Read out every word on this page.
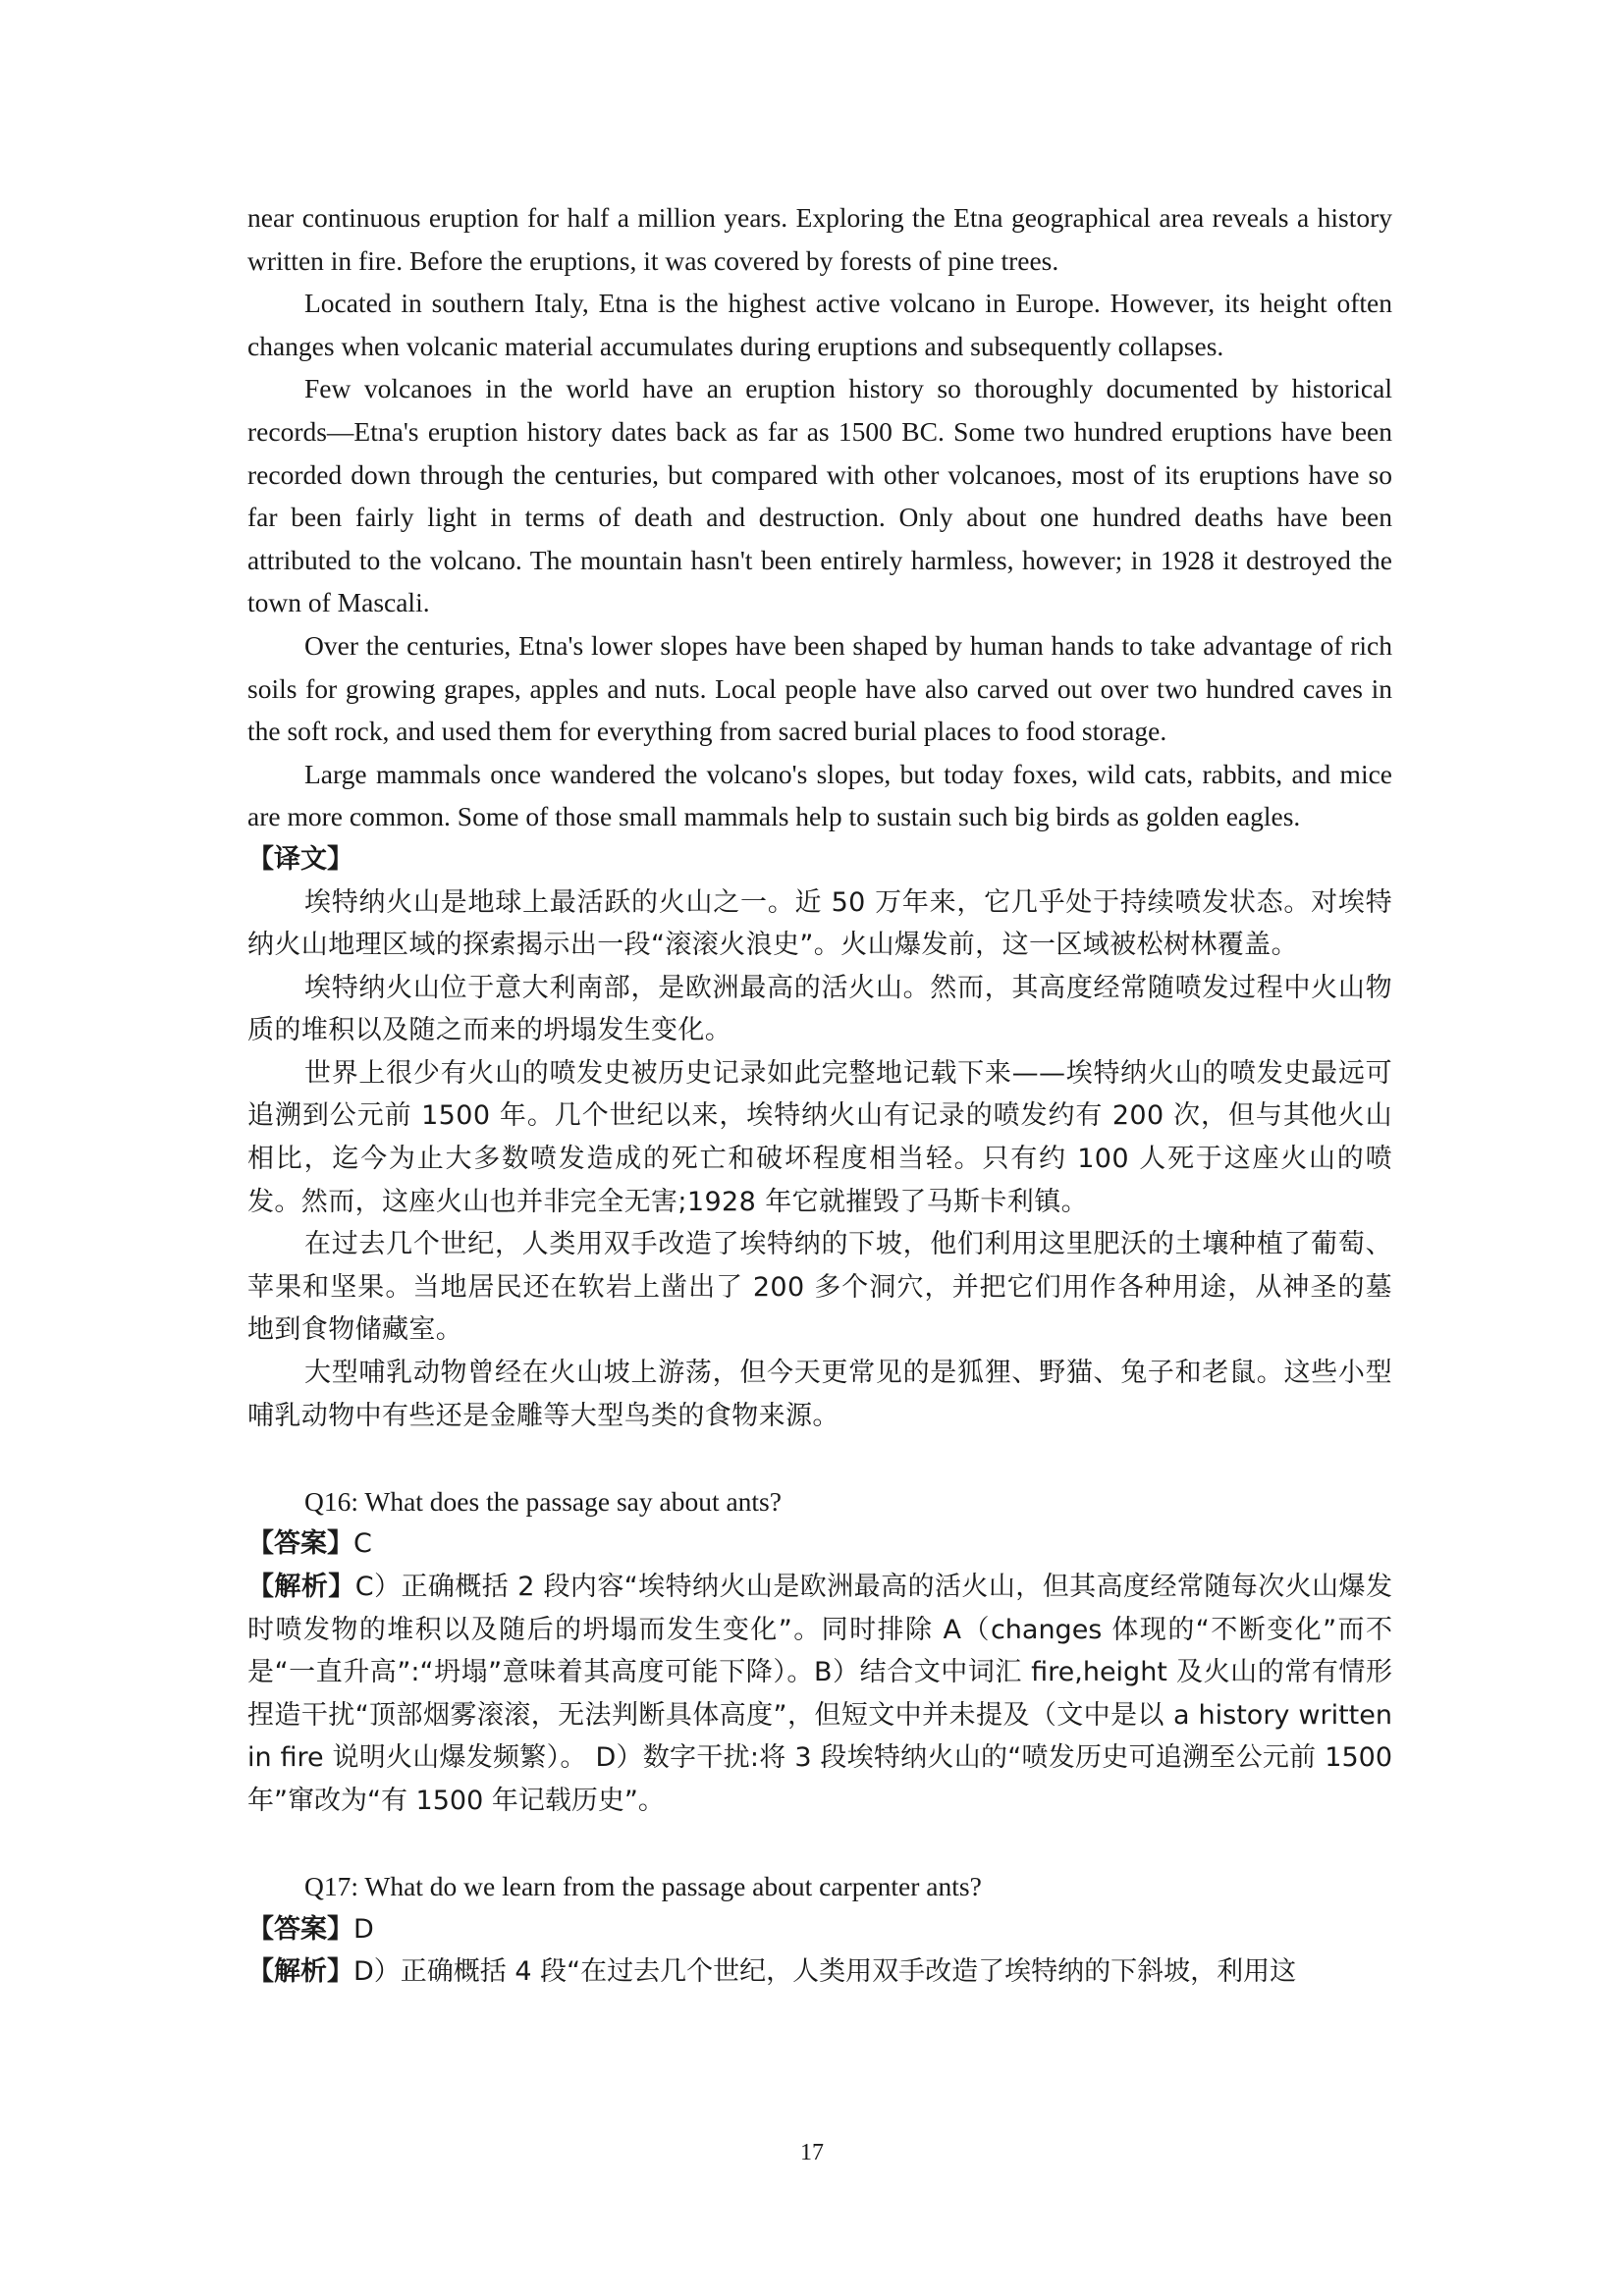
near continuous eruption for half a million years. Exploring the Etna geographical area reveals a history written in fire. Before the eruptions, it was covered by forests of pine trees.

Located in southern Italy, Etna is the highest active volcano in Europe. However, its height often changes when volcanic material accumulates during eruptions and subsequently collapses.

Few volcanoes in the world have an eruption history so thoroughly documented by historical records—Etna's eruption history dates back as far as 1500 BC. Some two hundred eruptions have been recorded down through the centuries, but compared with other volcanoes, most of its eruptions have so far been fairly light in terms of death and destruction. Only about one hundred deaths have been attributed to the volcano. The mountain hasn't been entirely harmless, however; in 1928 it destroyed the town of Mascali.

Over the centuries, Etna's lower slopes have been shaped by human hands to take advantage of rich soils for growing grapes, apples and nuts. Local people have also carved out over two hundred caves in the soft rock, and used them for everything from sacred burial places to food storage.

Large mammals once wandered the volcano's slopes, but today foxes, wild cats, rabbits, and mice are more common. Some of those small mammals help to sustain such big birds as golden eagles.

【译文】

埃特纳火山是地球上最活跃的火山之一。近 50 万年来，它几乎处于持续喷发状态。对埃特纳火山地理区域的探索揭示出一段“滚滚火浪史”。火山爆发前，这一区域被松树林覆盖。

埃特纳火山位于意大利南部，是欧洲最高的活火山。然而，其高度经常随喷发过程中火山物质的堆积以及随之而来的坍塌发生变化。

世界上很少有火山的喷发史被历史记录如此完整地记载下来——埃特纳火山的喷发史最远可追溯到公元前 1500 年。几个世纪以来，埃特纳火山有记录的喷发约有 200 次，但与其他火山相比，迄今为止大多数喷发造成的死亡和破坏程度相当轻。只有约 100 人死于这座火山的喷发。然而，这座火山也并非完全无害;1928 年它就摧毁了马斯卡利镇。

在过去几个世纪，人类用双手改造了埃特纳的下坡，他们利用这里肥沃的土壤种植了葡萄、苹果和坚果。当地居民还在软岩上凿出了 200 多个洞穴，并把它们用作各种用途，从神圣的墓地到食物储藏室。

大型哺乳动物曾经在火山坡上游荡，但今天更常见的是狐狸、野猫、兔子和老鼠。这些小型哺乳动物中有些还是金雕等大型鸟类的食物来源。

Q16: What does the passage say about ants?

【答案】C

【解析】C）正确概括 2 段内容“埃特纳火山是欧洲最高的活火山，但其高度经常随每次火山爆发时喷发物的堆积以及随后的坍塌而发生变化”。同时排除 A（changes 体现的“不断变化”而不是“一直升高”:“坍塌”意味着其高度可能下降）。B）结合文中词汇 fire,height 及火山的常有情形捏造干扰“顶部烟雾滚滚，无法判断具体高度”，但短文中并未提及（文中是以 a history written in fire 说明火山爆发频繁）。 D）数字干扰:将 3 段埃特纳火山的“喷发历史可追溯至公元前 1500 年”窜改为“有 1500 年记载历史”。

Q17: What do we learn from the passage about carpenter ants?

【答案】D

【解析】D）正确概括 4 段“在过去几个世纪，人类用双手改造了埃特纳的下斜坡，利用这

17
